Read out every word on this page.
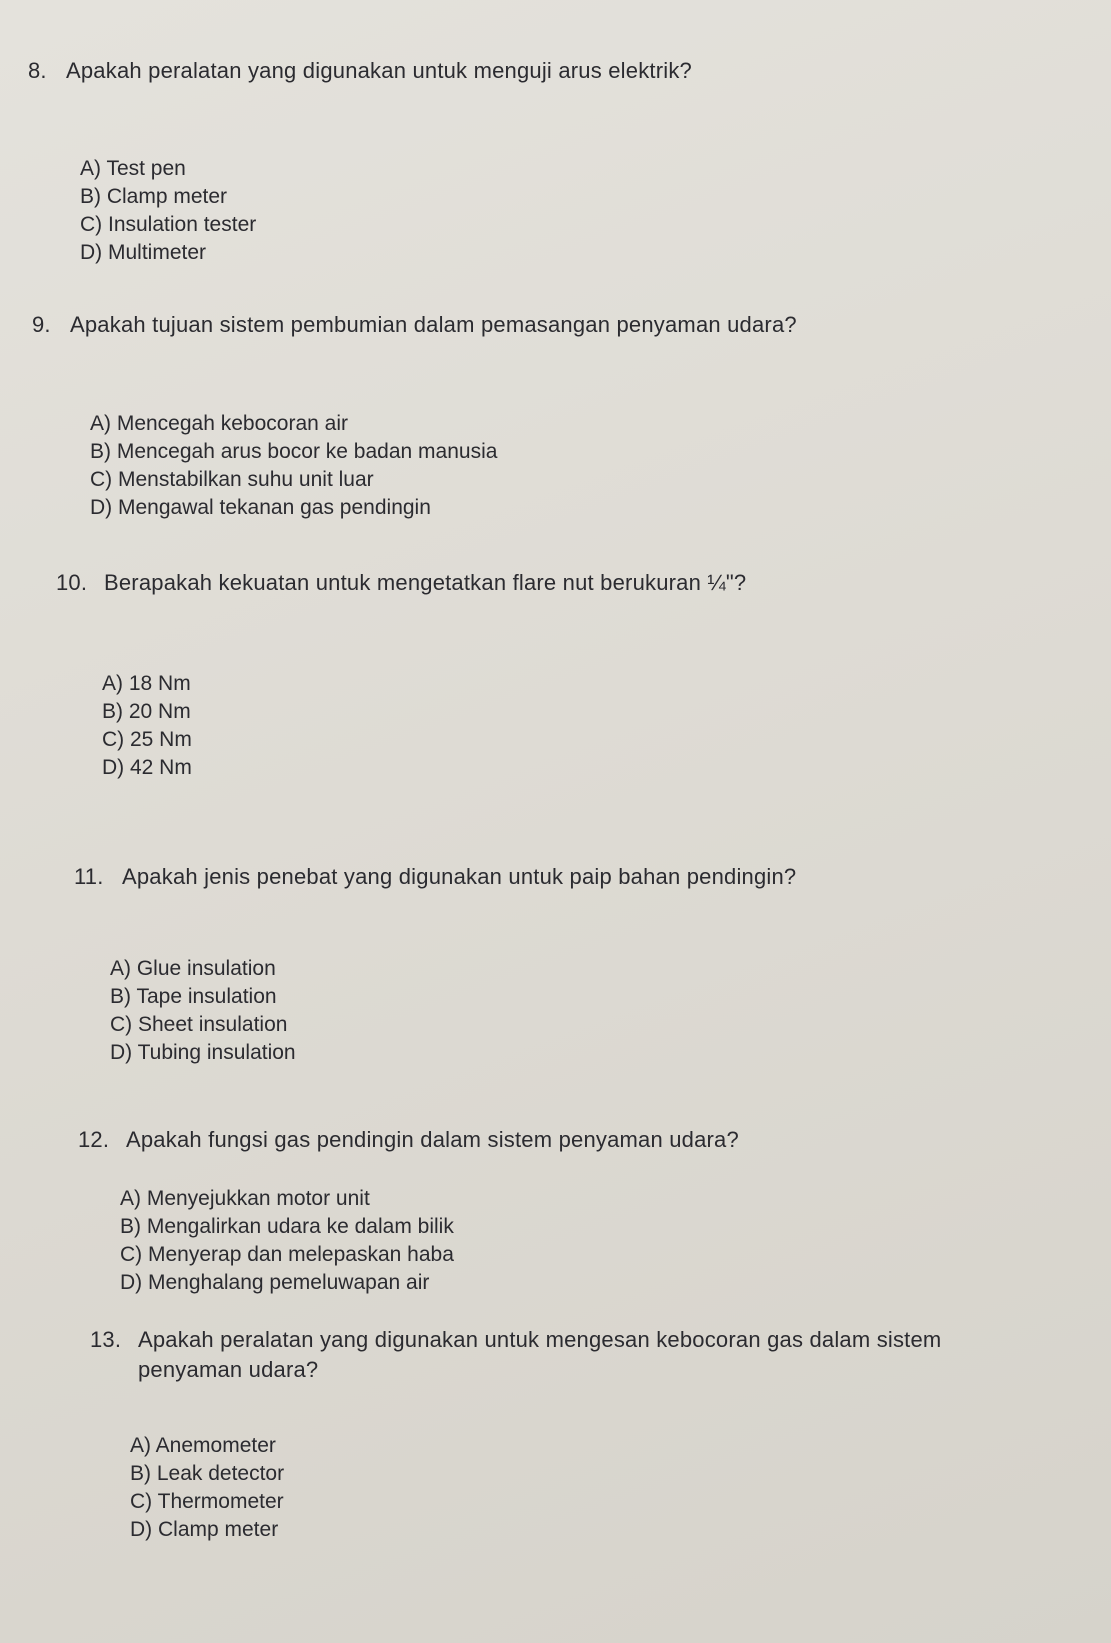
8. Apakah peralatan yang digunakan untuk menguji arus elektrik?
A) Test pen
B) Clamp meter
C) Insulation tester
D) Multimeter
9. Apakah tujuan sistem pembumian dalam pemasangan penyaman udara?
A) Mencegah kebocoran air
B) Mencegah arus bocor ke badan manusia
C) Menstabilkan suhu unit luar
D) Mengawal tekanan gas pendingin
10. Berapakah kekuatan untuk mengetatkan flare nut berukuran ¼"?
A) 18 Nm
B) 20 Nm
C) 25 Nm
D) 42 Nm
11. Apakah jenis penebat yang digunakan untuk paip bahan pendingin?
A) Glue insulation
B) Tape insulation
C) Sheet insulation
D) Tubing insulation
12. Apakah fungsi gas pendingin dalam sistem penyaman udara?
A) Menyejukkan motor unit
B) Mengalirkan udara ke dalam bilik
C) Menyerap dan melepaskan haba
D) Menghalang pemeluwapan air
13. Apakah peralatan yang digunakan untuk mengesan kebocoran gas dalam sistem penyaman udara?
A) Anemometer
B) Leak detector
C) Thermometer
D) Clamp meter
